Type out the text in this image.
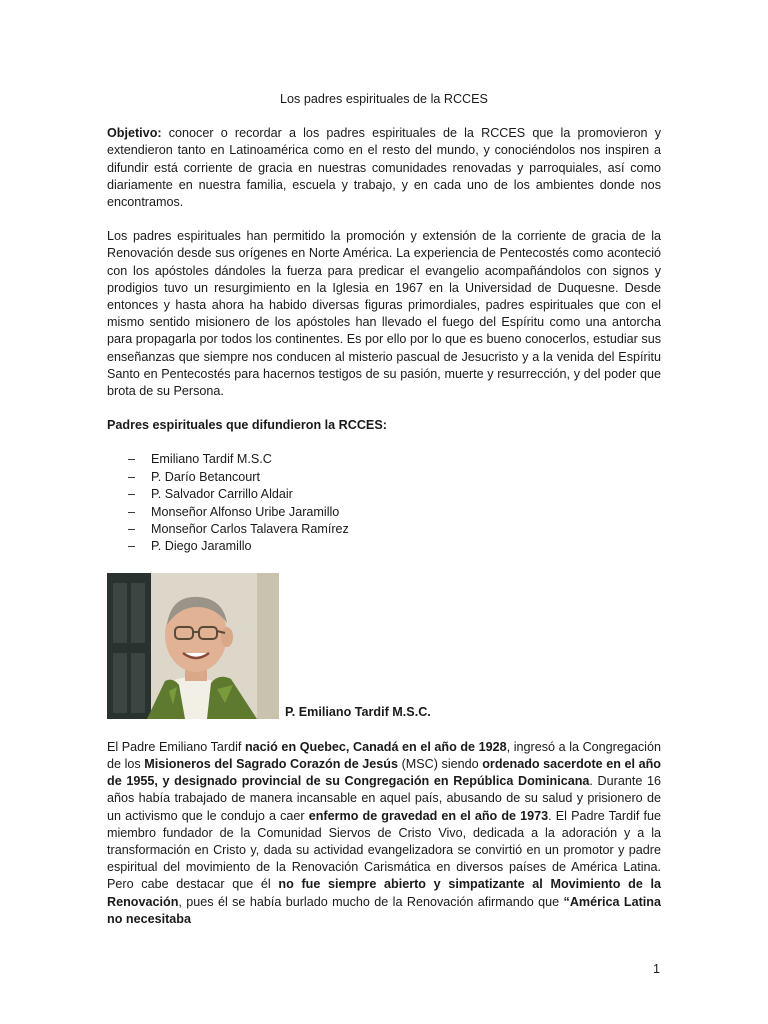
Los padres espirituales de la RCCES

Objetivo: conocer o recordar a los padres espirituales de la RCCES que la promovieron y extendieron tanto en Latinoamérica como en el resto del mundo, y conociéndolos nos inspiren a difundir está corriente de gracia en nuestras comunidades renovadas y parroquiales, así como diariamente en nuestra familia, escuela y trabajo, y en cada uno de los ambientes donde nos encontramos.

Los padres espirituales han permitido la promoción y extensión de la corriente de gracia de la Renovación desde sus orígenes en Norte América. La experiencia de Pentecostés como aconteció con los apóstoles dándoles la fuerza para predicar el evangelio acompañándolos con signos y prodigios tuvo un resurgimiento en la Iglesia en 1967 en la Universidad de Duquesne. Desde entonces y hasta ahora ha habido diversas figuras primordiales, padres espirituales que con el mismo sentido misionero de los apóstoles han llevado el fuego del Espíritu como una antorcha para propagarla por todos los continentes. Es por ello por lo que es bueno conocerlos, estudiar sus enseñanzas que siempre nos conducen al misterio pascual de Jesucristo y a la venida del Espíritu Santo en Pentecostés para hacernos testigos de su pasión, muerte y resurrección, y del poder que brota de su Persona.

Padres espirituales que difundieron la RCCES:
– Emiliano Tardif M.S.C
– P. Darío Betancourt
– P. Salvador Carrillo Aldair
– Monseñor Alfonso Uribe Jaramillo
– Monseñor Carlos Talavera Ramírez
– P. Diego Jaramillo
P. Emiliano Tardif M.S.C.

El Padre Emiliano Tardif nació en Quebec, Canadá en el año de 1928, ingresó a la Congregación de los Misioneros del Sagrado Corazón de Jesús (MSC) siendo ordenado sacerdote en el año de 1955, y designado provincial de su Congregación en República Dominicana. Durante 16 años había trabajado de manera incansable en aquel país, abusando de su salud y prisionero de un activismo que le condujo a caer enfermo de gravedad en el año de 1973. El Padre Tardif fue miembro fundador de la Comunidad Siervos de Cristo Vivo, dedicada a la adoración y a la transformación en Cristo y, dada su actividad evangelizadora se convirtió en un promotor y padre espiritual del movimiento de la Renovación Carismática en diversos países de América Latina. Pero cabe destacar que él no fue siempre abierto y simpatizante al Movimiento de la Renovación, pues él se había burlado mucho de la Renovación afirmando que “América Latina no necesitaba

1
